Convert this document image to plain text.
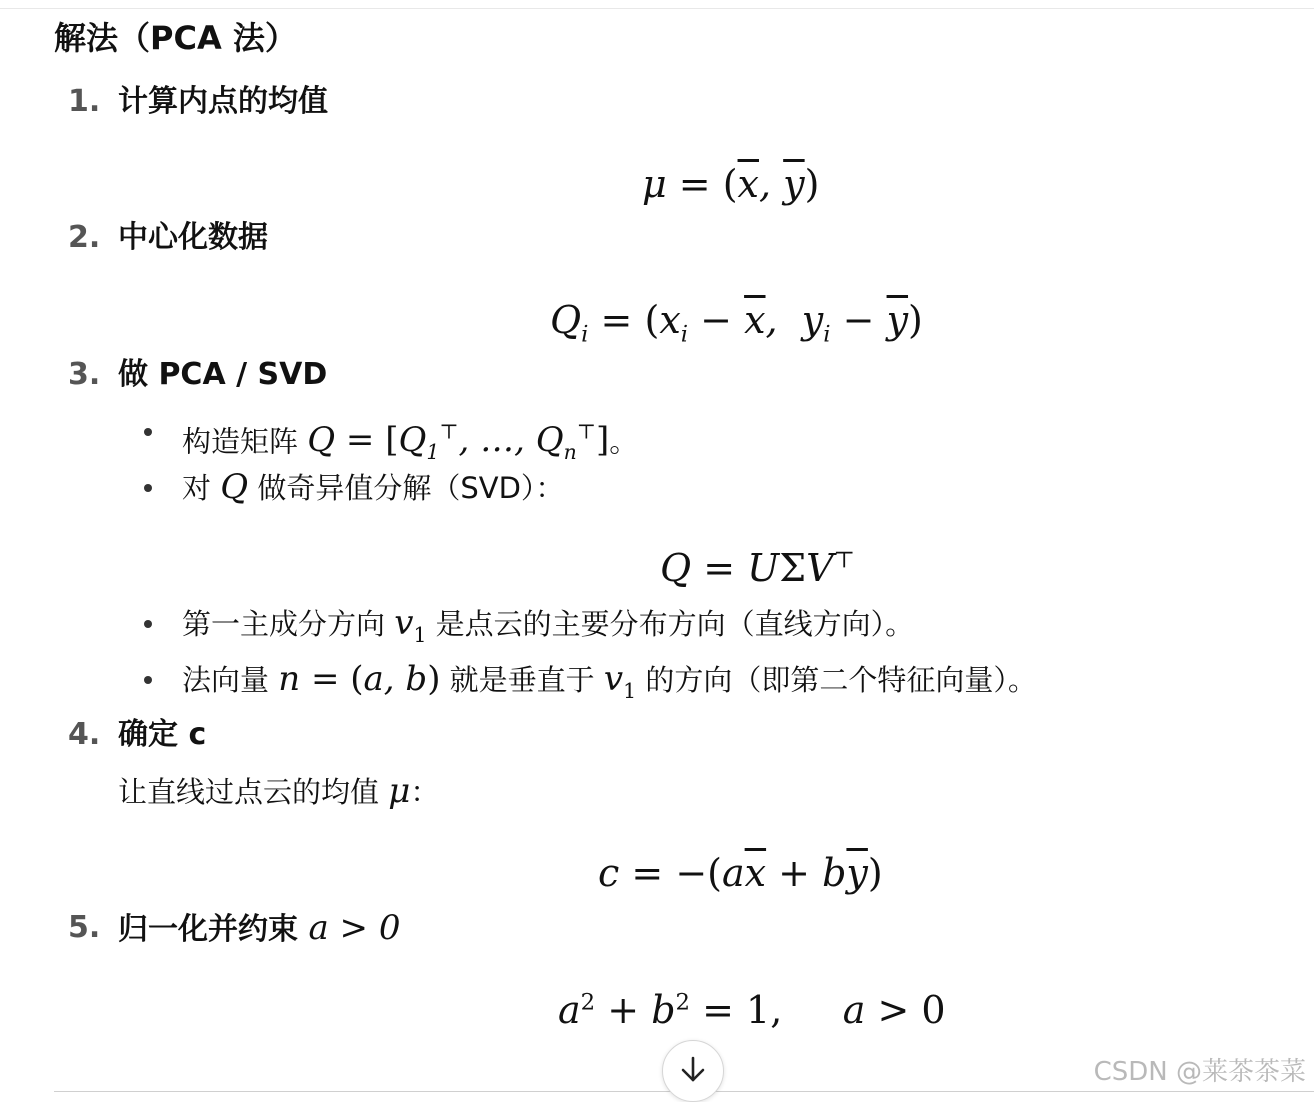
解法（PCA 法）
1. 计算内点的均值
$\mu = (\overline{x}$, $\overline{y}$)
2. 中心化数据
$Q_i = (x_i - \overline{x}$,  $y_i - \overline{y}$)
3. 做 PCA / SVD
构造矩阵 $Q = [Q_1^⊤$, …, $Q_n^⊤$]。
对 Q 做奇异值分解（SVD）：
Q = UΣV⊤
第一主成分方向 $v_1$ 是点云的主要分布方向（直线方向）。
法向量 n = (a, b) 就是垂直于 $v_1$ 的方向（即第二个特征向量）。
4. 确定 c
让直线过点云的均值 μ：
$c = -(a\overline{x} + b\overline{y})$
5. 归一化并约束 a > 0
$a^2 + b^2 = 1$,     a > 0
CSDN @莱茶茶菜
